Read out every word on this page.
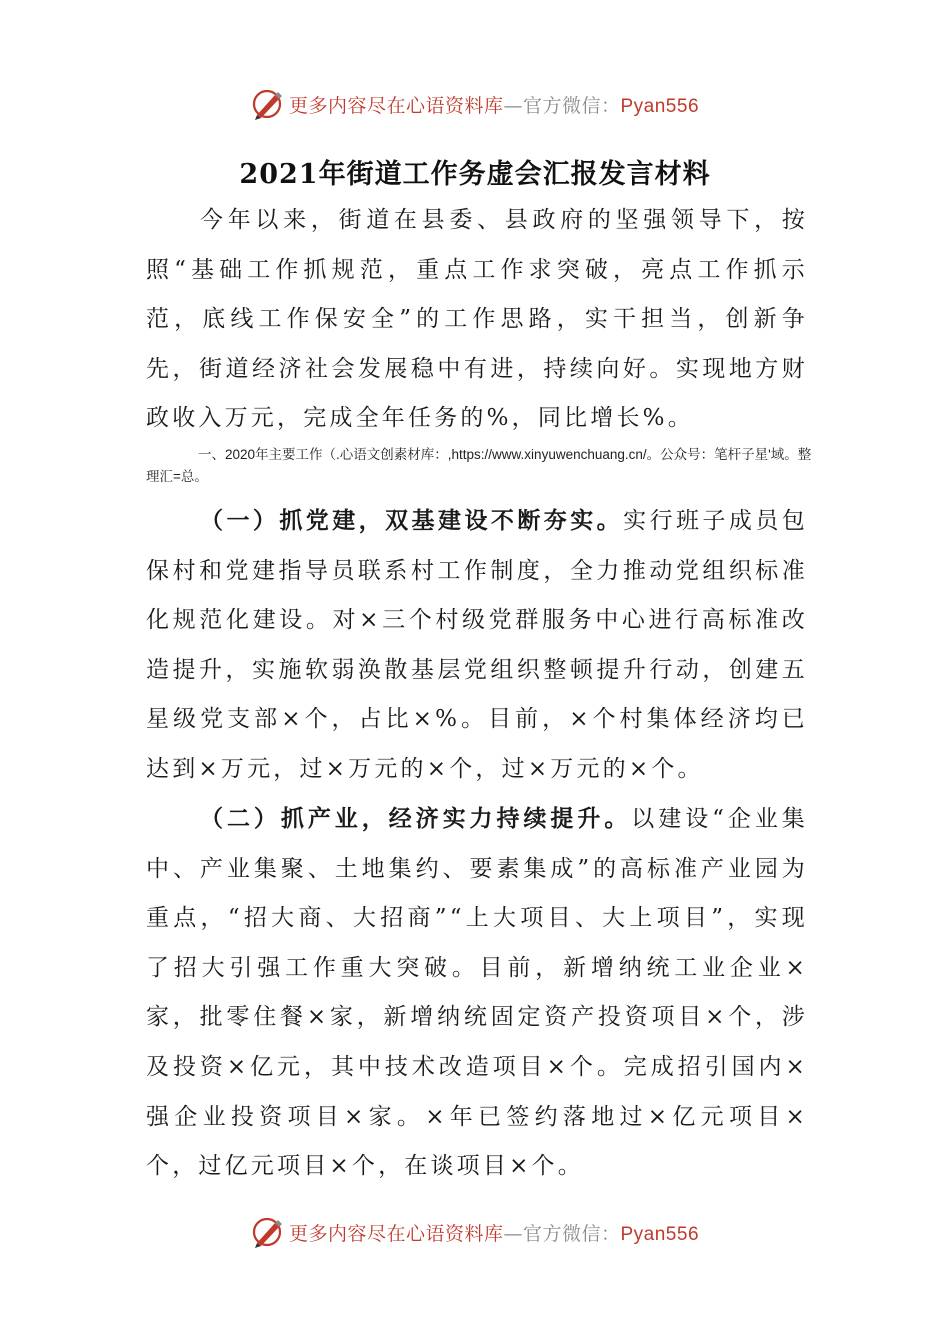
更多内容尽在心语资料库—官方微信：Pyan556
2021年街道工作务虚会汇报发言材料
今年以来，街道在县委、县政府的坚强领导下，按照“基础工作抓规范，重点工作求突破，亮点工作抓示范，底线工作保安全”的工作思路，实干担当，创新争先，街道经济社会发展稳中有进，持续向好。实现地方财政收入万元，完成全年任务的%，同比增长%。
一、2020年主要工作（.心语文创素材库：,https://www.xinyuwenchuang.cn/。公众号：笔杆子星'域。整理汇=总。
（一）抓党建，双基建设不断夯实。实行班子成员包保村和党建指导员联系村工作制度，全力推动党组织标准化规范化建设。对×三个村级党群服务中心进行高标准改造提升，实施软弱涣散基层党组织整顿提升行动，创建五星级党支部×个，占比×%。目前，×个村集体经济均已达到×万元，过×万元的×个，过×万元的×个。
（二）抓产业，经济实力持续提升。以建设“企业集中、产业集聚、土地集约、要素集成”的高标准产业园为重点，“招大商、大招商”“上大项目、大上项目”，实现了招大引强工作重大突破。目前，新增纳统工业企业×家，批零住餐×家，新增纳统固定资产投资项目×个，涉及投资×亿元，其中技术改造项目×个。完成招引国内×强企业投资项目×家。×年已签约落地过×亿元项目×个，过亿元项目×个，在谈项目×个。
更多内容尽在心语资料库—官方微信：Pyan556
